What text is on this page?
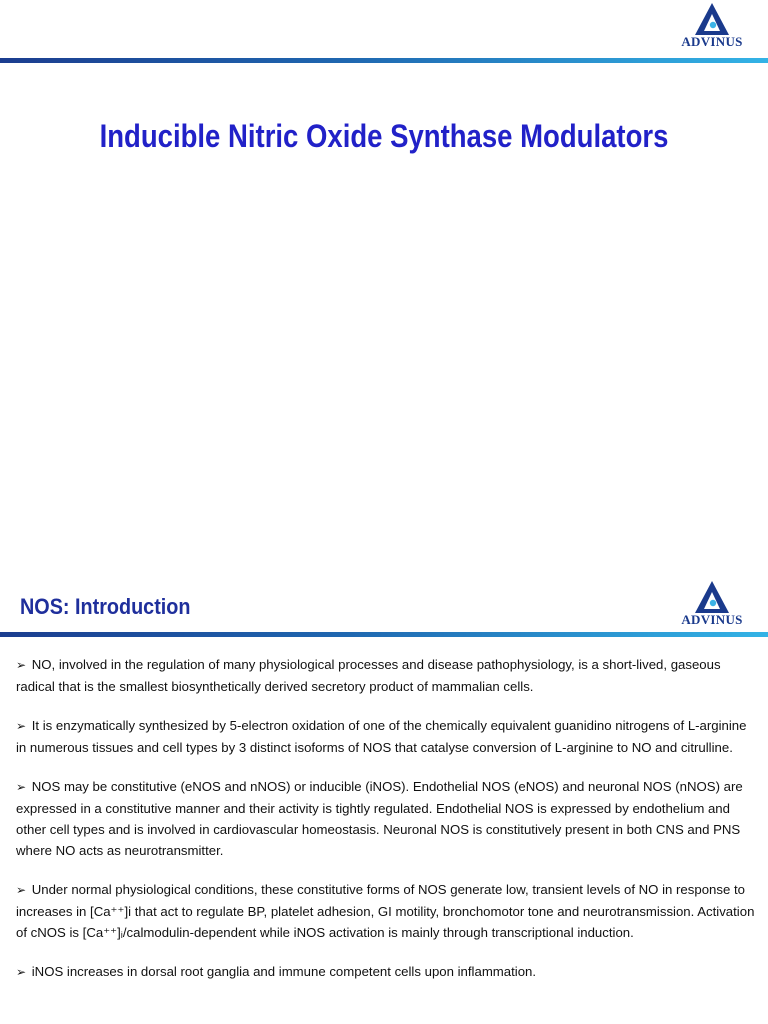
ADVINUS
Inducible Nitric Oxide Synthase Modulators
NOS: Introduction
ADVINUS

➢ NO, involved in the regulation of many physiological processes and disease pathophysiology, is a short-lived, gaseous radical that is the smallest biosynthetically derived secretory product of mammalian cells.

➢ It is enzymatically synthesized by 5-electron oxidation of one of the chemically equivalent guanidino nitrogens of L-arginine in numerous tissues and cell types by 3 distinct isoforms of NOS that catalyse conversion of L-arginine to NO and citrulline.

➢ NOS may be constitutive (eNOS and nNOS) or inducible (iNOS). Endothelial NOS (eNOS) and neuronal NOS (nNOS) are expressed in a constitutive manner and their activity is tightly regulated. Endothelial NOS is expressed by endothelium and other cell types and is involved in cardiovascular homeostasis. Neuronal NOS is constitutively present in both CNS and PNS where NO acts as neurotransmitter.

➢ Under normal physiological conditions, these constitutive forms of NOS generate low, transient levels of NO in response to increases in [Ca⁺⁺]i that act to regulate BP, platelet adhesion, GI motility, bronchomotor tone and neurotransmission. Activation of cNOS is [Ca⁺⁺]ᵢ/calmodulin-dependent while iNOS activation is mainly through transcriptional induction.

➢ iNOS increases in dorsal root ganglia and immune competent cells upon inflammation.
